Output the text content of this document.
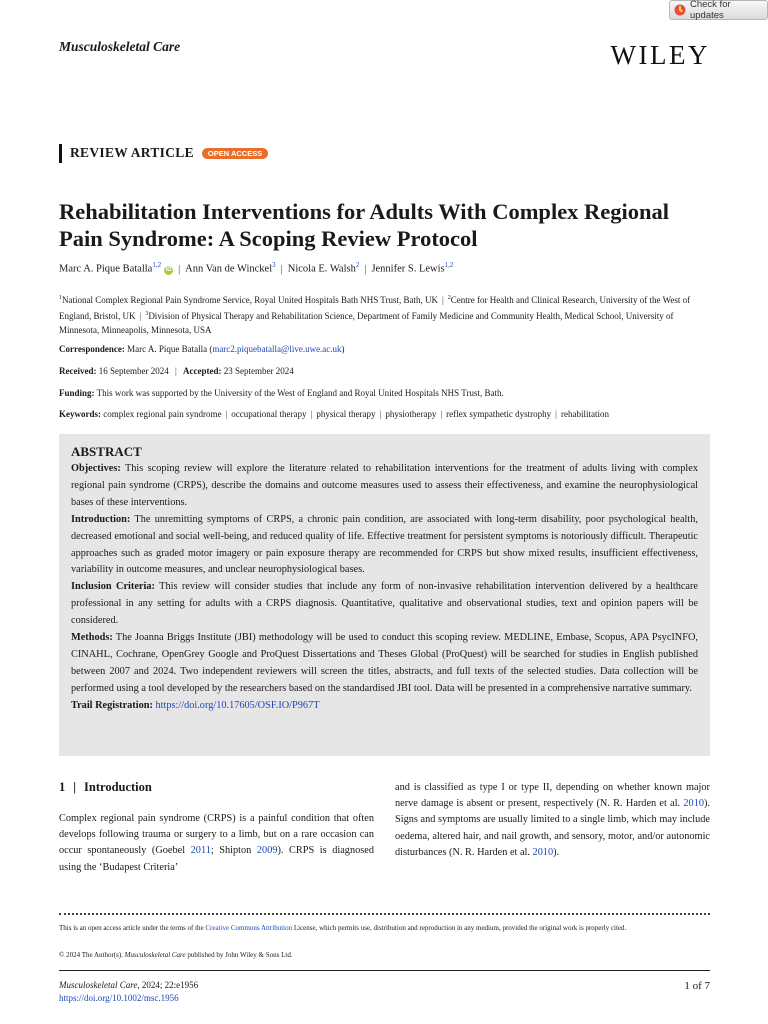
Check for updates
Musculoskeletal Care	WILEY
REVIEW ARTICLE	OPEN ACCESS
Rehabilitation Interventions for Adults With Complex Regional Pain Syndrome: A Scoping Review Protocol
Marc A. Pique Batalla$^{1,2}$iD | Ann Van de Winckel$^3$ | Nicola E. Walsh$^2$ | Jennifer S. Lewis$^{1,2}$

$^1$National Complex Regional Pain Syndrome Service, Royal United Hospitals Bath NHS Trust, Bath, UK | $^2$Centre for Health and Clinical Research, University of the West of England, Bristol, UK | $^3$Division of Physical Therapy and Rehabilitation Science, Department of Family Medicine and Community Health, Medical School, University of Minnesota, Minneapolis, Minnesota, USA

Correspondence: Marc A. Pique Batalla (marc2.piquebatalla@live.uwe.ac.uk)
Received: 16 September 2024 | Accepted: 23 September 2024
Funding: This work was supported by the University of the West of England and Royal United Hospitals NHS Trust, Bath.
Keywords: complex regional pain syndrome | occupational therapy | physical therapy | physiotherapy | reflex sympathetic dystrophy | rehabilitation
ABSTRACT

Objectives: This scoping review will explore the literature related to rehabilitation interventions for the treatment of adults living with complex regional pain syndrome (CRPS), describe the domains and outcome measures used to assess their effectiveness, and examine the neurophysiological bases of these interventions.

Introduction: The unremitting symptoms of CRPS, a chronic pain condition, are associated with long-term disability, poor psychological health, decreased emotional and social well-being, and reduced quality of life. Effective treatment for persistent symptoms is notoriously difficult. Therapeutic approaches such as graded motor imagery or pain exposure therapy are recommended for CRPS but show mixed results, insufficient effectiveness, variability in outcome measures, and unclear neurophysiological bases.

Inclusion Criteria: This review will consider studies that include any form of non-invasive rehabilitation intervention delivered by a healthcare professional in any setting for adults with a CRPS diagnosis. Quantitative, qualitative and observational studies, text and opinion papers will be considered.

Methods: The Joanna Briggs Institute (JBI) methodology will be used to conduct this scoping review. MEDLINE, Embase, Scopus, APA PsycINFO, CINAHL, Cochrane, OpenGrey Google and ProQuest Dissertations and Theses Global (ProQuest) will be searched for studies in English published between 2007 and 2024. Two independent reviewers will screen the titles, abstracts, and full texts of the selected studies. Data collection will be performed using a tool developed by the researchers based on the standardised JBI tool. Data will be presented in a comprehensive narrative summary.

Trail Registration: https://doi.org/10.17605/OSF.IO/P967T

1 | Introduction

Complex regional pain syndrome (CRPS) is a painful condition that often develops following trauma or surgery to a limb, but on a rare occasion can occur spontaneously (Goebel 2011; Shipton 2009). CRPS is diagnosed using the ‘Budapest Criteria’

and is classified as type I or type II, depending on whether known major nerve damage is absent or present, respectively (N. R. Harden et al. 2010). Signs and symptoms are usually limited to a single limb, which may include oedema, altered hair, and nail growth, and sensory, motor, and/or autonomic disturbances (N. R. Harden et al. 2010).

This is an open access article under the terms of the Creative Commons Attribution License, which permits use, distribution and reproduction in any medium, provided the original work is properly cited.

© 2024 The Author(s). Musculoskeletal Care published by John Wiley & Sons Ltd.
Musculoskeletal Care, 2024; 22:e1956
https://doi.org/10.1002/msc.1956
1 of 7
